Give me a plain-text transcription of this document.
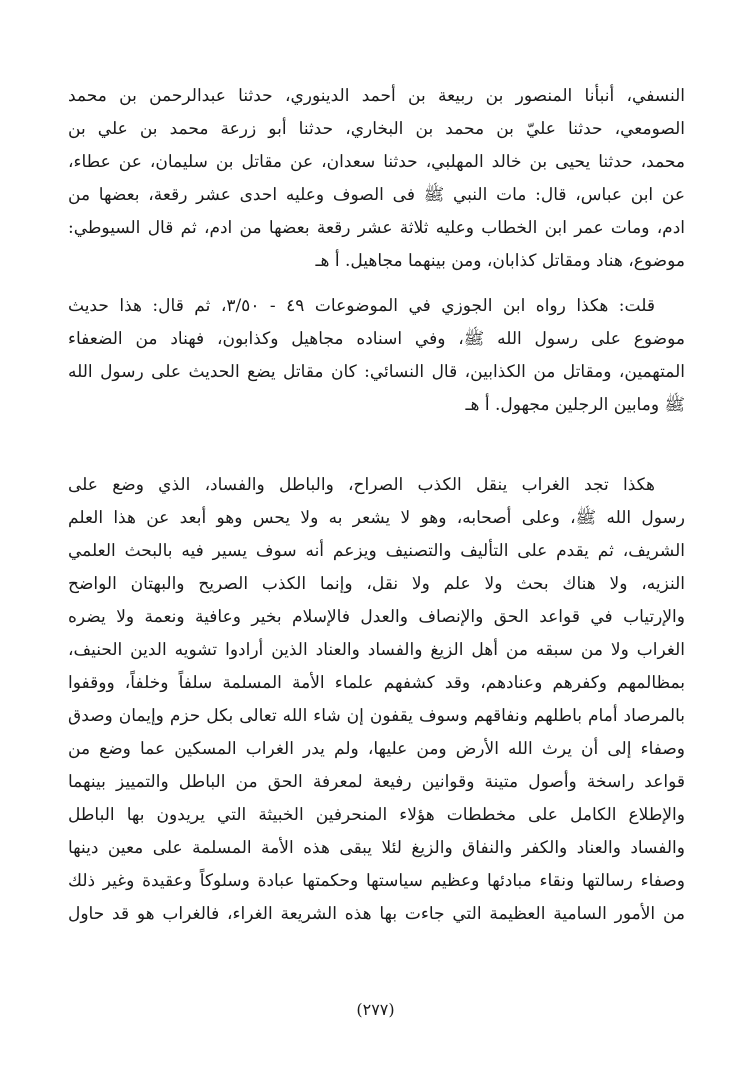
النسفي، أنبأنا المنصور بن ربيعة بن أحمد الدينوري، حدثنا عبدالرحمن بن محمد
الصومعي، حدثنا عليّ بن محمد بن البخاري، حدثنا أبو زرعة محمد بن علي بن
محمد، حدثنا يحيى بن خالد المهلبي، حدثنا سعدان، عن مقاتل بن سليمان، عن عطاء،
عن ابن عباس، قال: مات النبي ﷺ فى الصوف وعليه احدى عشر رقعة، بعضها من
ادم، ومات عمر ابن الخطاب وعليه ثلاثة عشر رقعة بعضها من ادم، ثم قال السيوطي:
موضوع، هناد ومقاتل كذابان، ومن بينهما مجاهيل. أ هـ
قلت: هكذا رواه ابن الجوزي في الموضوعات ٤٩ - ٣/٥٠، ثم قال: هذا حديث
موضوع على رسول الله ﷺ، وفي اسناده مجاهيل وكذابون، فهناد من الضعفاء
المتهمين، ومقاتل من الكذابين، قال النسائي: كان مقاتل يضع الحديث على رسول الله
ﷺ ومابين الرجلين مجهول. أ هـ
هكذا تجد الغراب ينقل الكذب الصراح، والباطل والفساد، الذي وضع على
رسول الله ﷺ، وعلى أصحابه، وهو لا يشعر به ولا يحس وهو أبعد عن هذا العلم
الشريف، ثم يقدم على التأليف والتصنيف ويزعم أنه سوف يسير فيه بالبحث العلمي
النزيه، ولا هناك بحث ولا علم ولا نقل، وإنما الكذب الصريح والبهتان الواضح
والإرتياب في قواعد الحق والإنصاف والعدل فالإسلام بخير وعافية ونعمة ولا يضره
الغراب ولا من سبقه من أهل الزيغ والفساد والعناد الذين أرادوا تشويه الدين الحنيف،
بمظالمهم وكفرهم وعنادهم، وقد كشفهم علماء الأمة المسلمة سلفاً وخلفاً، ووقفوا
بالمرصاد أمام باطلهم ونفاقهم وسوف يقفون إن شاء الله تعالى بكل حزم وإيمان وصدق
وصفاء إلى أن يرث الله الأرض ومن عليها، ولم يدر الغراب المسكين عما وضع من
قواعد راسخة وأصول متينة وقوانين رفيعة لمعرفة الحق من الباطل والتمييز بينهما
والإطلاع الكامل على مخططات هؤلاء المنحرفين الخبيثة التي يريدون بها الباطل
والفساد والعناد والكفر والنفاق والزيغ لئلا يبقى هذه الأمة المسلمة على معين دينها
وصفاء رسالتها ونقاء مبادئها وعظيم سياستها وحكمتها عبادة وسلوكاً وعقيدة وغير ذلك
من الأمور السامية العظيمة التي جاءت بها هذه الشريعة الغراء، فالغراب هو قد حاول
(٢٧٧)
